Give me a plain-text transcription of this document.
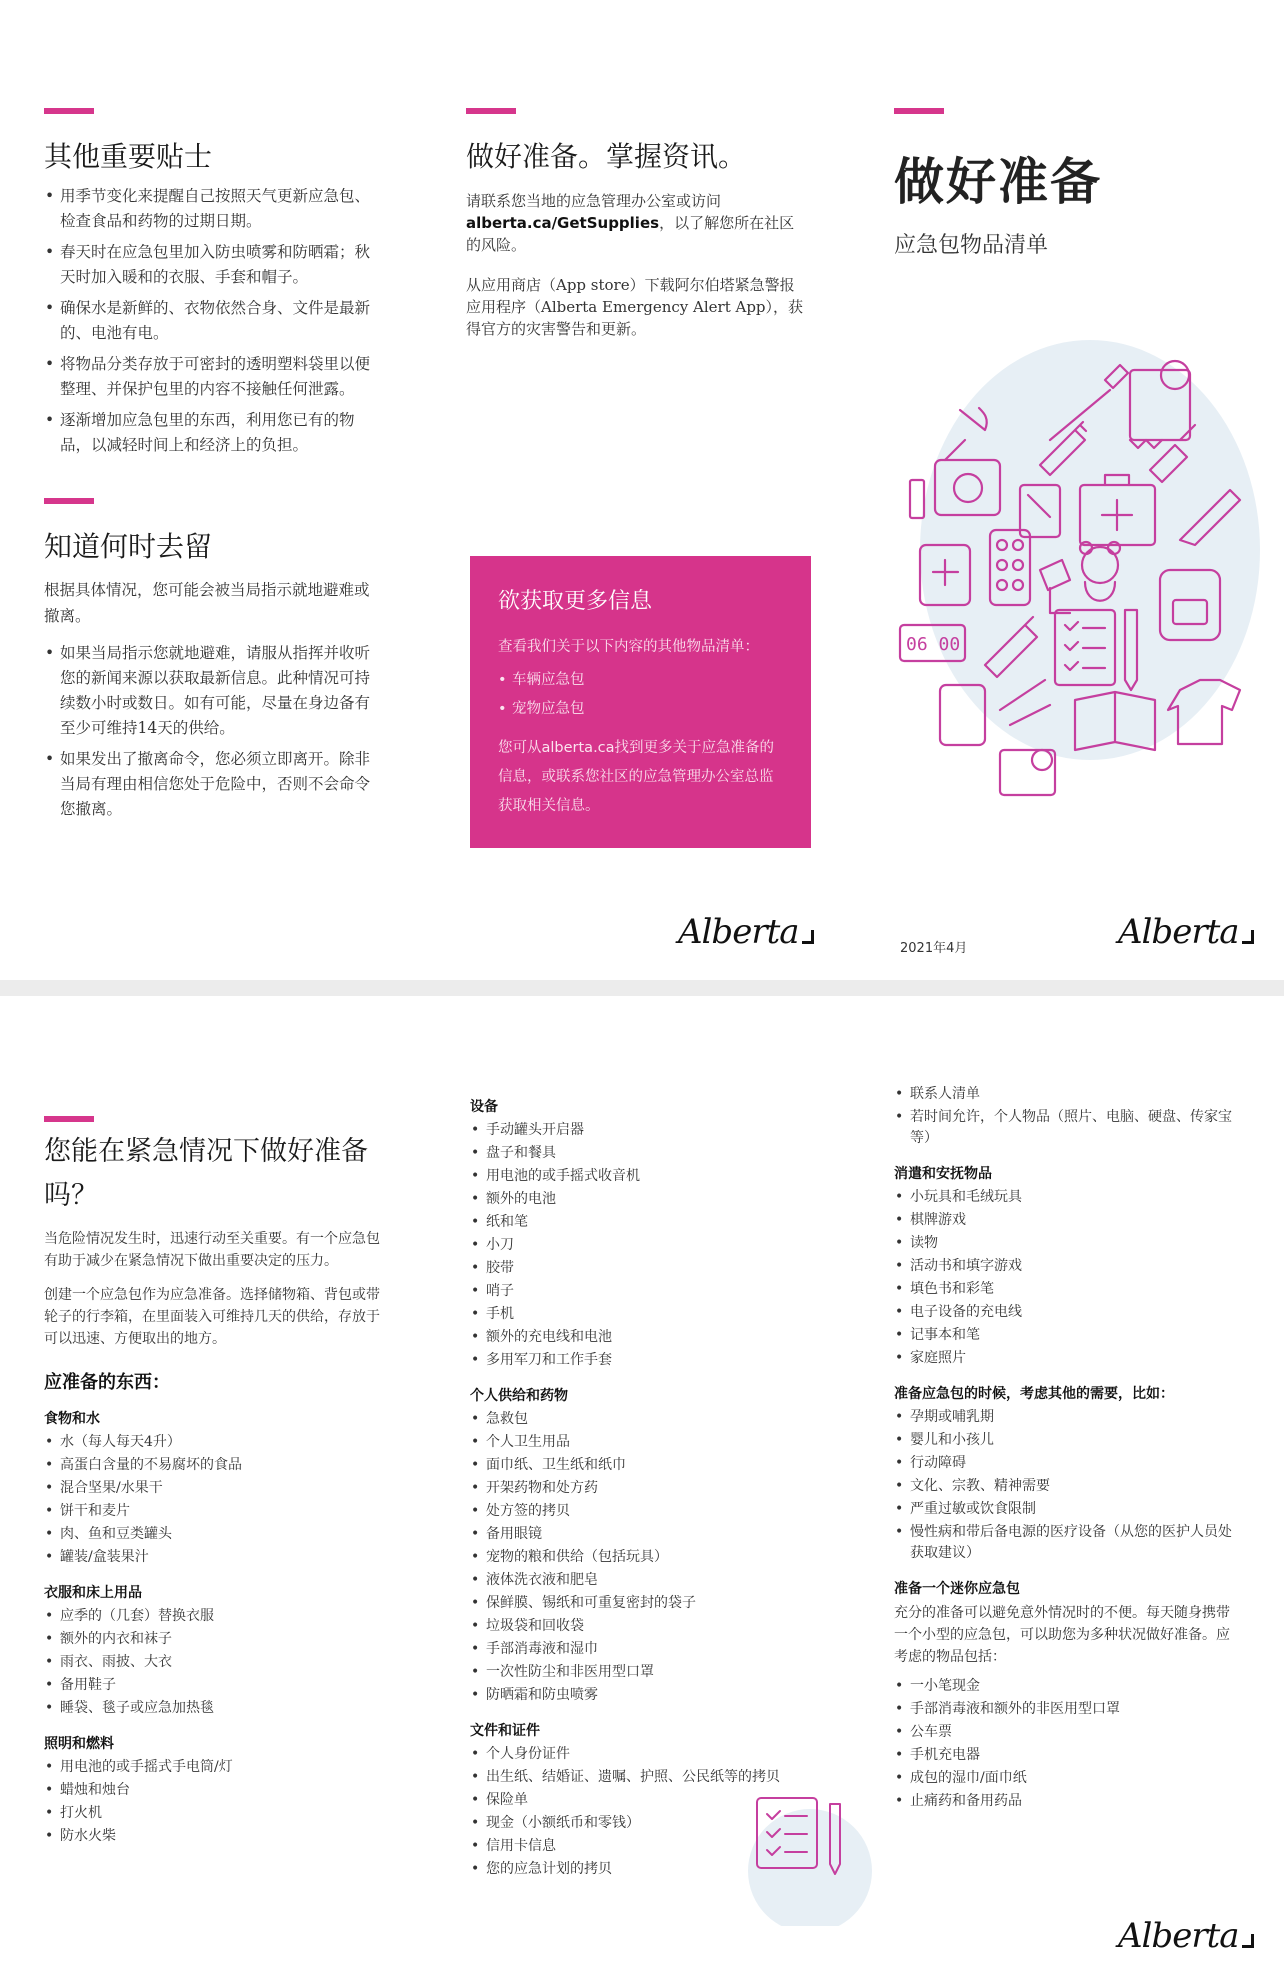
其他重要贴士
• 用季节变化来提醒自己按照天气更新应急包、检查食品和药物的过期日期。
• 春天时在应急包里加入防虫喷雾和防晒霜；秋天时加入暖和的衣服、手套和帽子。
• 确保水是新鲜的、衣物依然合身、文件是最新的、电池有电。
• 将物品分类存放于可密封的透明塑料袋里以便整理、并保护包里的内容不接触任何泄露。
• 逐渐增加应急包里的东西，利用您已有的物品，以减轻时间上和经济上的负担。
知道何时去留

根据具体情况，您可能会被当局指示就地避难或撤离。

• 如果当局指示您就地避难，请服从指挥并收听您的新闻来源以获取最新信息。此种情况可持续数小时或数日。如有可能，尽量在身边备有至少可维持14天的供给。
• 如果发出了撤离命令，您必须立即离开。除非当局有理由相信您处于危险中，否则不会命令您撤离。
做好准备。掌握资讯。

请联系您当地的应急管理办公室或访问alberta.ca/GetSupplies，以了解您所在社区的风险。

从应用商店（App store）下载阿尔伯塔紧急警报应用程序（Alberta Emergency Alert App），获得官方的灾害警告和更新。

欲获取更多信息

查看我们关于以下内容的其他物品清单：

• 车辆应急包
• 宠物应急包

您可从alberta.ca找到更多关于应急准备的信息，或联系您社区的应急管理办公室总监获取相关信息。

Alberta
做好准备
应急包物品清单
06 00
2021年4月	Alberta
您能在紧急情况下做好准备吗？

当危险情况发生时，迅速行动至关重要。有一个应急包有助于减少在紧急情况下做出重要决定的压力。

创建一个应急包作为应急准备。选择储物箱、背包或带轮子的行李箱，在里面装入可维持几天的供给，存放于可以迅速、方便取出的地方。

应准备的东西：
食物和水
• 水（每人每天4升）
• 高蛋白含量的不易腐坏的食品
• 混合坚果/水果干
• 饼干和麦片
• 肉、鱼和豆类罐头
• 罐装/盒装果汁
衣服和床上用品
• 应季的（几套）替换衣服
• 额外的内衣和袜子
• 雨衣、雨披、大衣
• 备用鞋子
• 睡袋、毯子或应急加热毯
照明和燃料
• 用电池的或手摇式手电筒/灯
• 蜡烛和烛台
• 打火机
• 防水火柴
设备
• 手动罐头开启器
• 盘子和餐具
• 用电池的或手摇式收音机
• 额外的电池
• 纸和笔
• 小刀
• 胶带
• 哨子
• 手机
• 额外的充电线和电池
• 多用军刀和工作手套
个人供给和药物
• 急救包
• 个人卫生用品
• 面巾纸、卫生纸和纸巾
• 开架药物和处方药
• 处方签的拷贝
• 备用眼镜
• 宠物的粮和供给（包括玩具）
• 液体洗衣液和肥皂
• 保鲜膜、锡纸和可重复密封的袋子
• 垃圾袋和回收袋
• 手部消毒液和湿巾
• 一次性防尘和非医用型口罩
• 防晒霜和防虫喷雾
文件和证件
• 个人身份证件
• 出生纸、结婚证、遗嘱、护照、公民纸等的拷贝
• 保险单
• 现金（小额纸币和零钱）
• 信用卡信息
• 您的应急计划的拷贝
• 联系人清单
• 若时间允许，个人物品（照片、电脑、硬盘、传家宝等）
消遣和安抚物品
• 小玩具和毛绒玩具
• 棋牌游戏
• 读物
• 活动书和填字游戏
• 填色书和彩笔
• 电子设备的充电线
• 记事本和笔
• 家庭照片
准备应急包的时候，考虑其他的需要，比如：
• 孕期或哺乳期
• 婴儿和小孩儿
• 行动障碍
• 文化、宗教、精神需要
• 严重过敏或饮食限制
• 慢性病和带后备电源的医疗设备（从您的医护人员处获取建议）
准备一个迷你应急包

充分的准备可以避免意外情况时的不便。每天随身携带一个小型的应急包，可以助您为多种状况做好准备。应考虑的物品包括：

• 一小笔现金
• 手部消毒液和额外的非医用型口罩
• 公车票
• 手机充电器
• 成包的湿巾/面巾纸
• 止痛药和备用药品
Alberta
